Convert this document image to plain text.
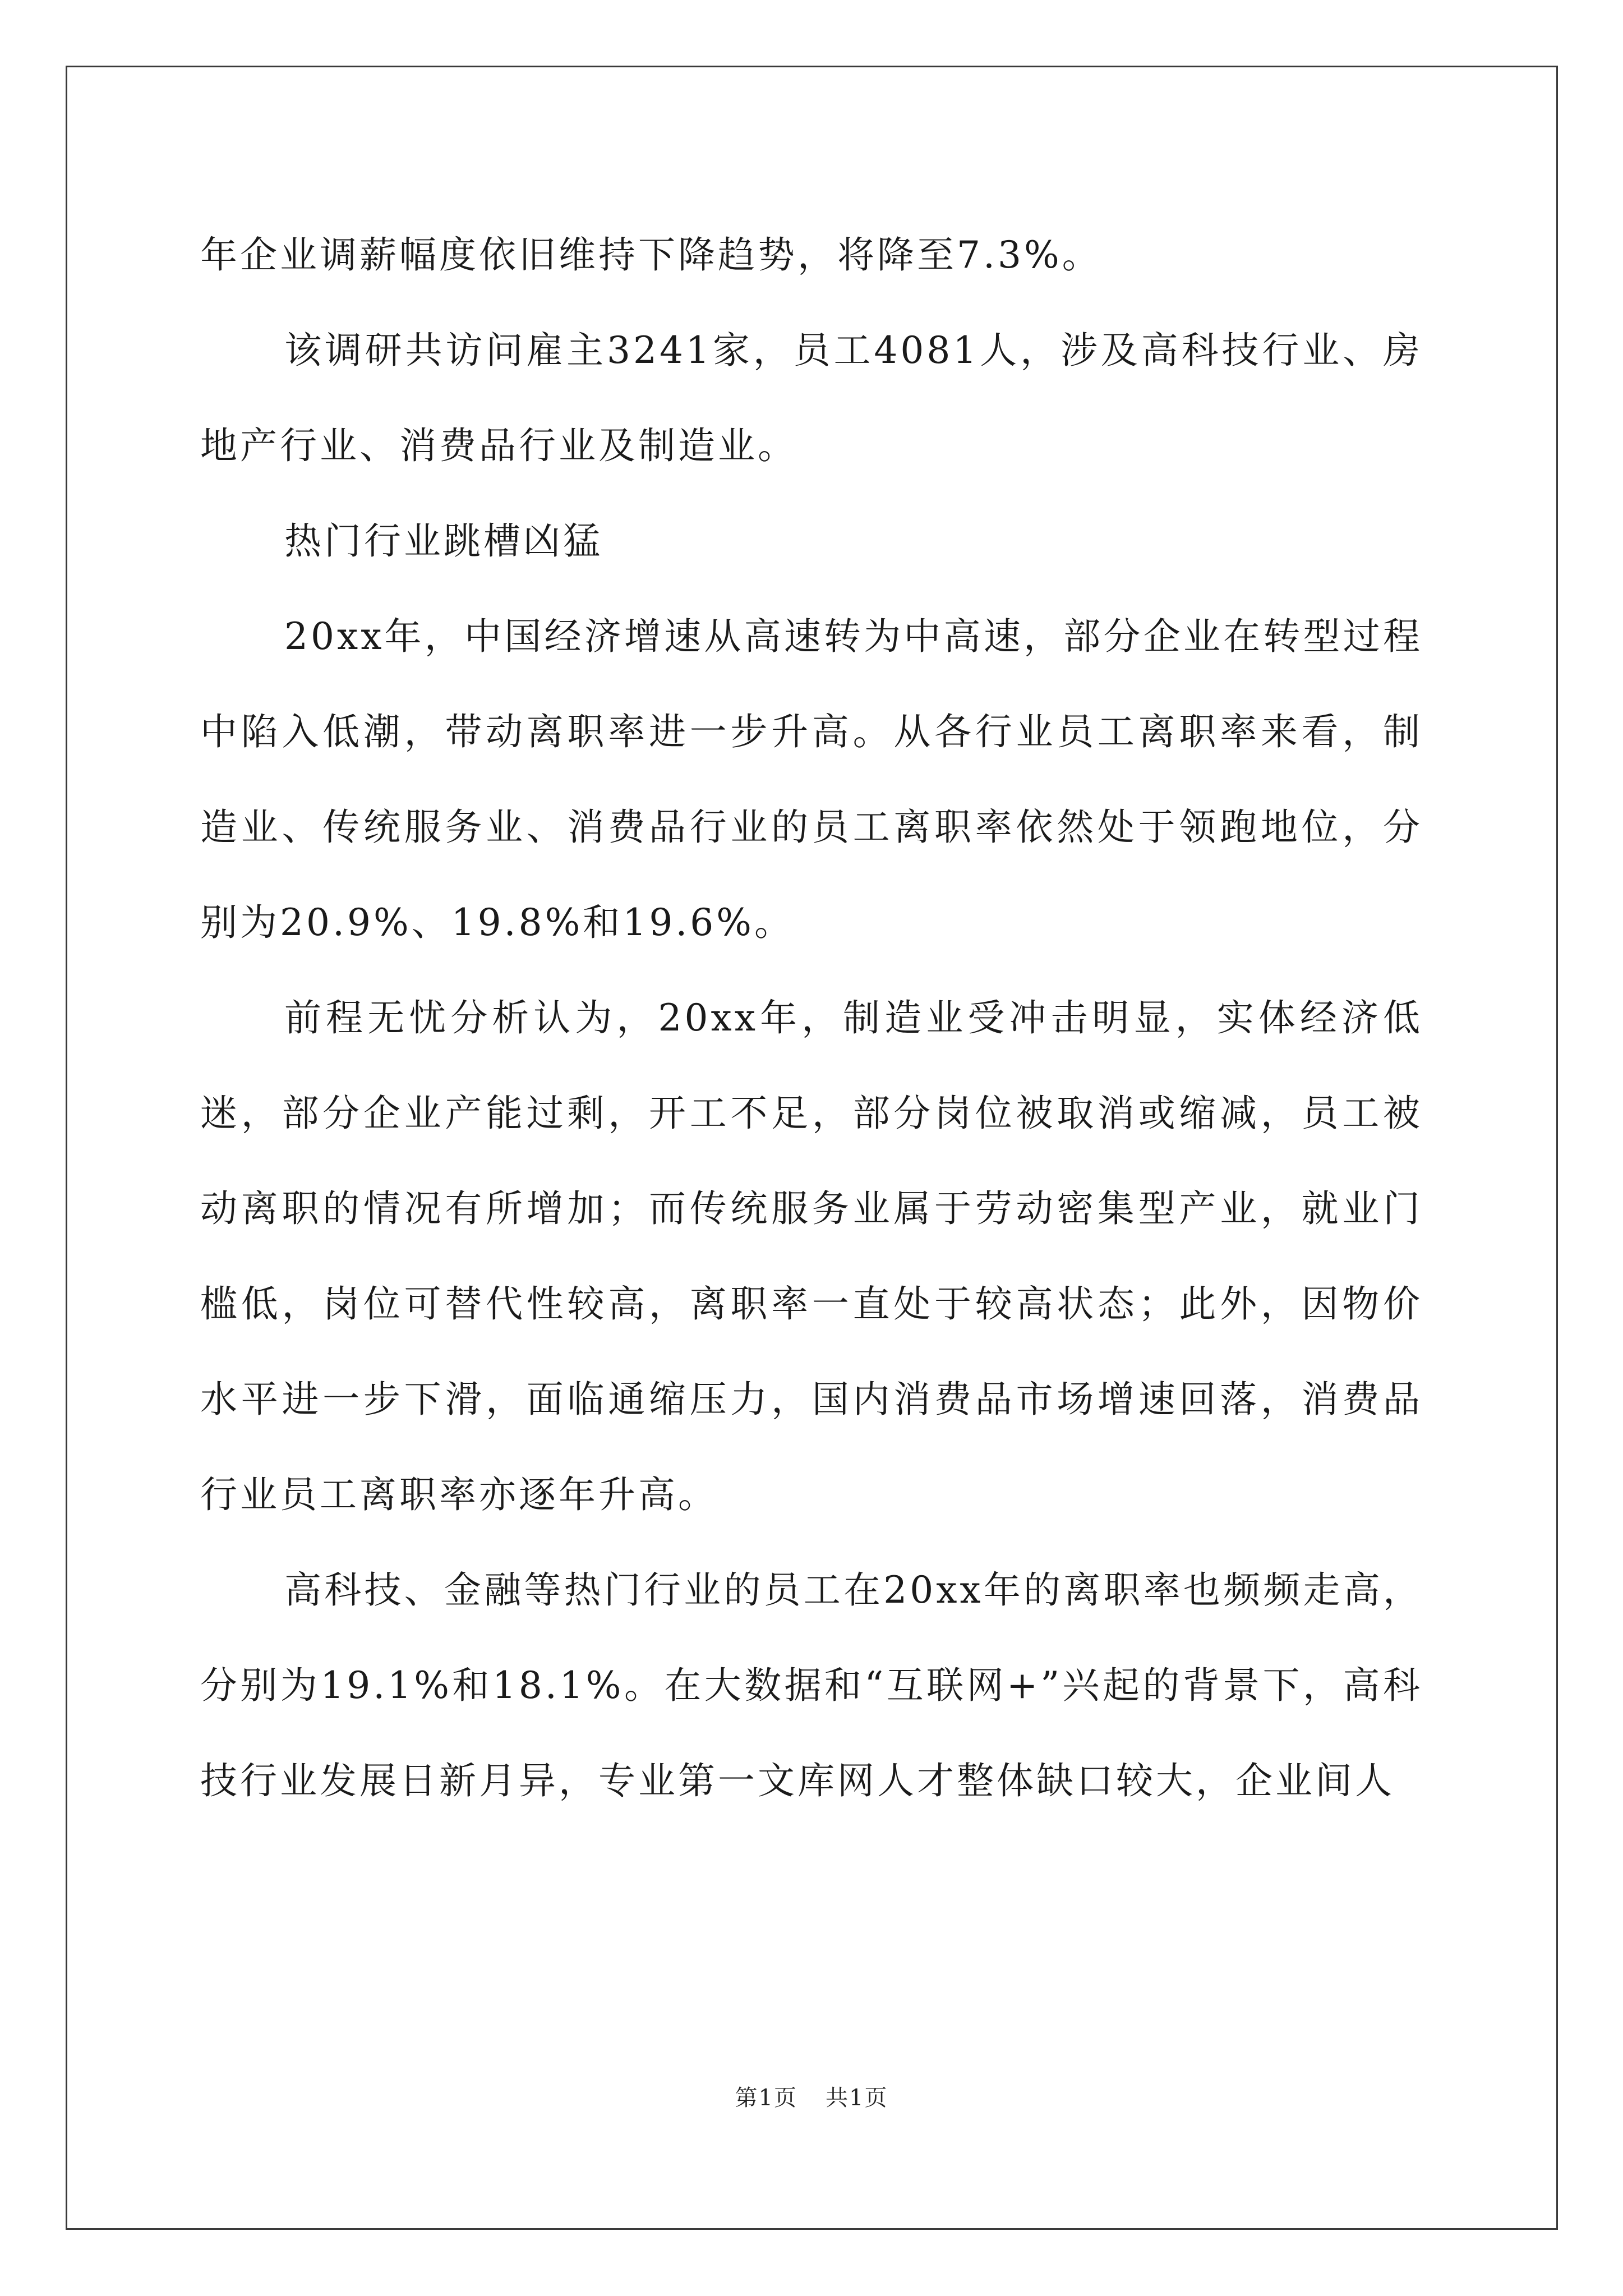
年企业调薪幅度依旧维持下降趋势，将降至7.3%。

该调研共访问雇主3241家，员工4081人，涉及高科技行业、房地产行业、消费品行业及制造业。

热门行业跳槽凶猛

20xx年，中国经济增速从高速转为中高速，部分企业在转型过程中陷入低潮，带动离职率进一步升高。从各行业员工离职率来看，制造业、传统服务业、消费品行业的员工离职率依然处于领跑地位，分别为20.9%、19.8%和19.6%。

前程无忧分析认为，20xx年，制造业受冲击明显，实体经济低迷，部分企业产能过剩，开工不足，部分岗位被取消或缩减，员工被动离职的情况有所增加；而传统服务业属于劳动密集型产业，就业门槛低，岗位可替代性较高，离职率一直处于较高状态；此外，因物价水平进一步下滑，面临通缩压力，国内消费品市场增速回落，消费品行业员工离职率亦逐年升高。

高科技、金融等热门行业的员工在20xx年的离职率也频频走高，分别为19.1%和18.1%。在大数据和“互联网+”兴起的背景下，高科技行业发展日新月异，专业第一文库网人才整体缺口较大，企业间人

第1页 共1页
